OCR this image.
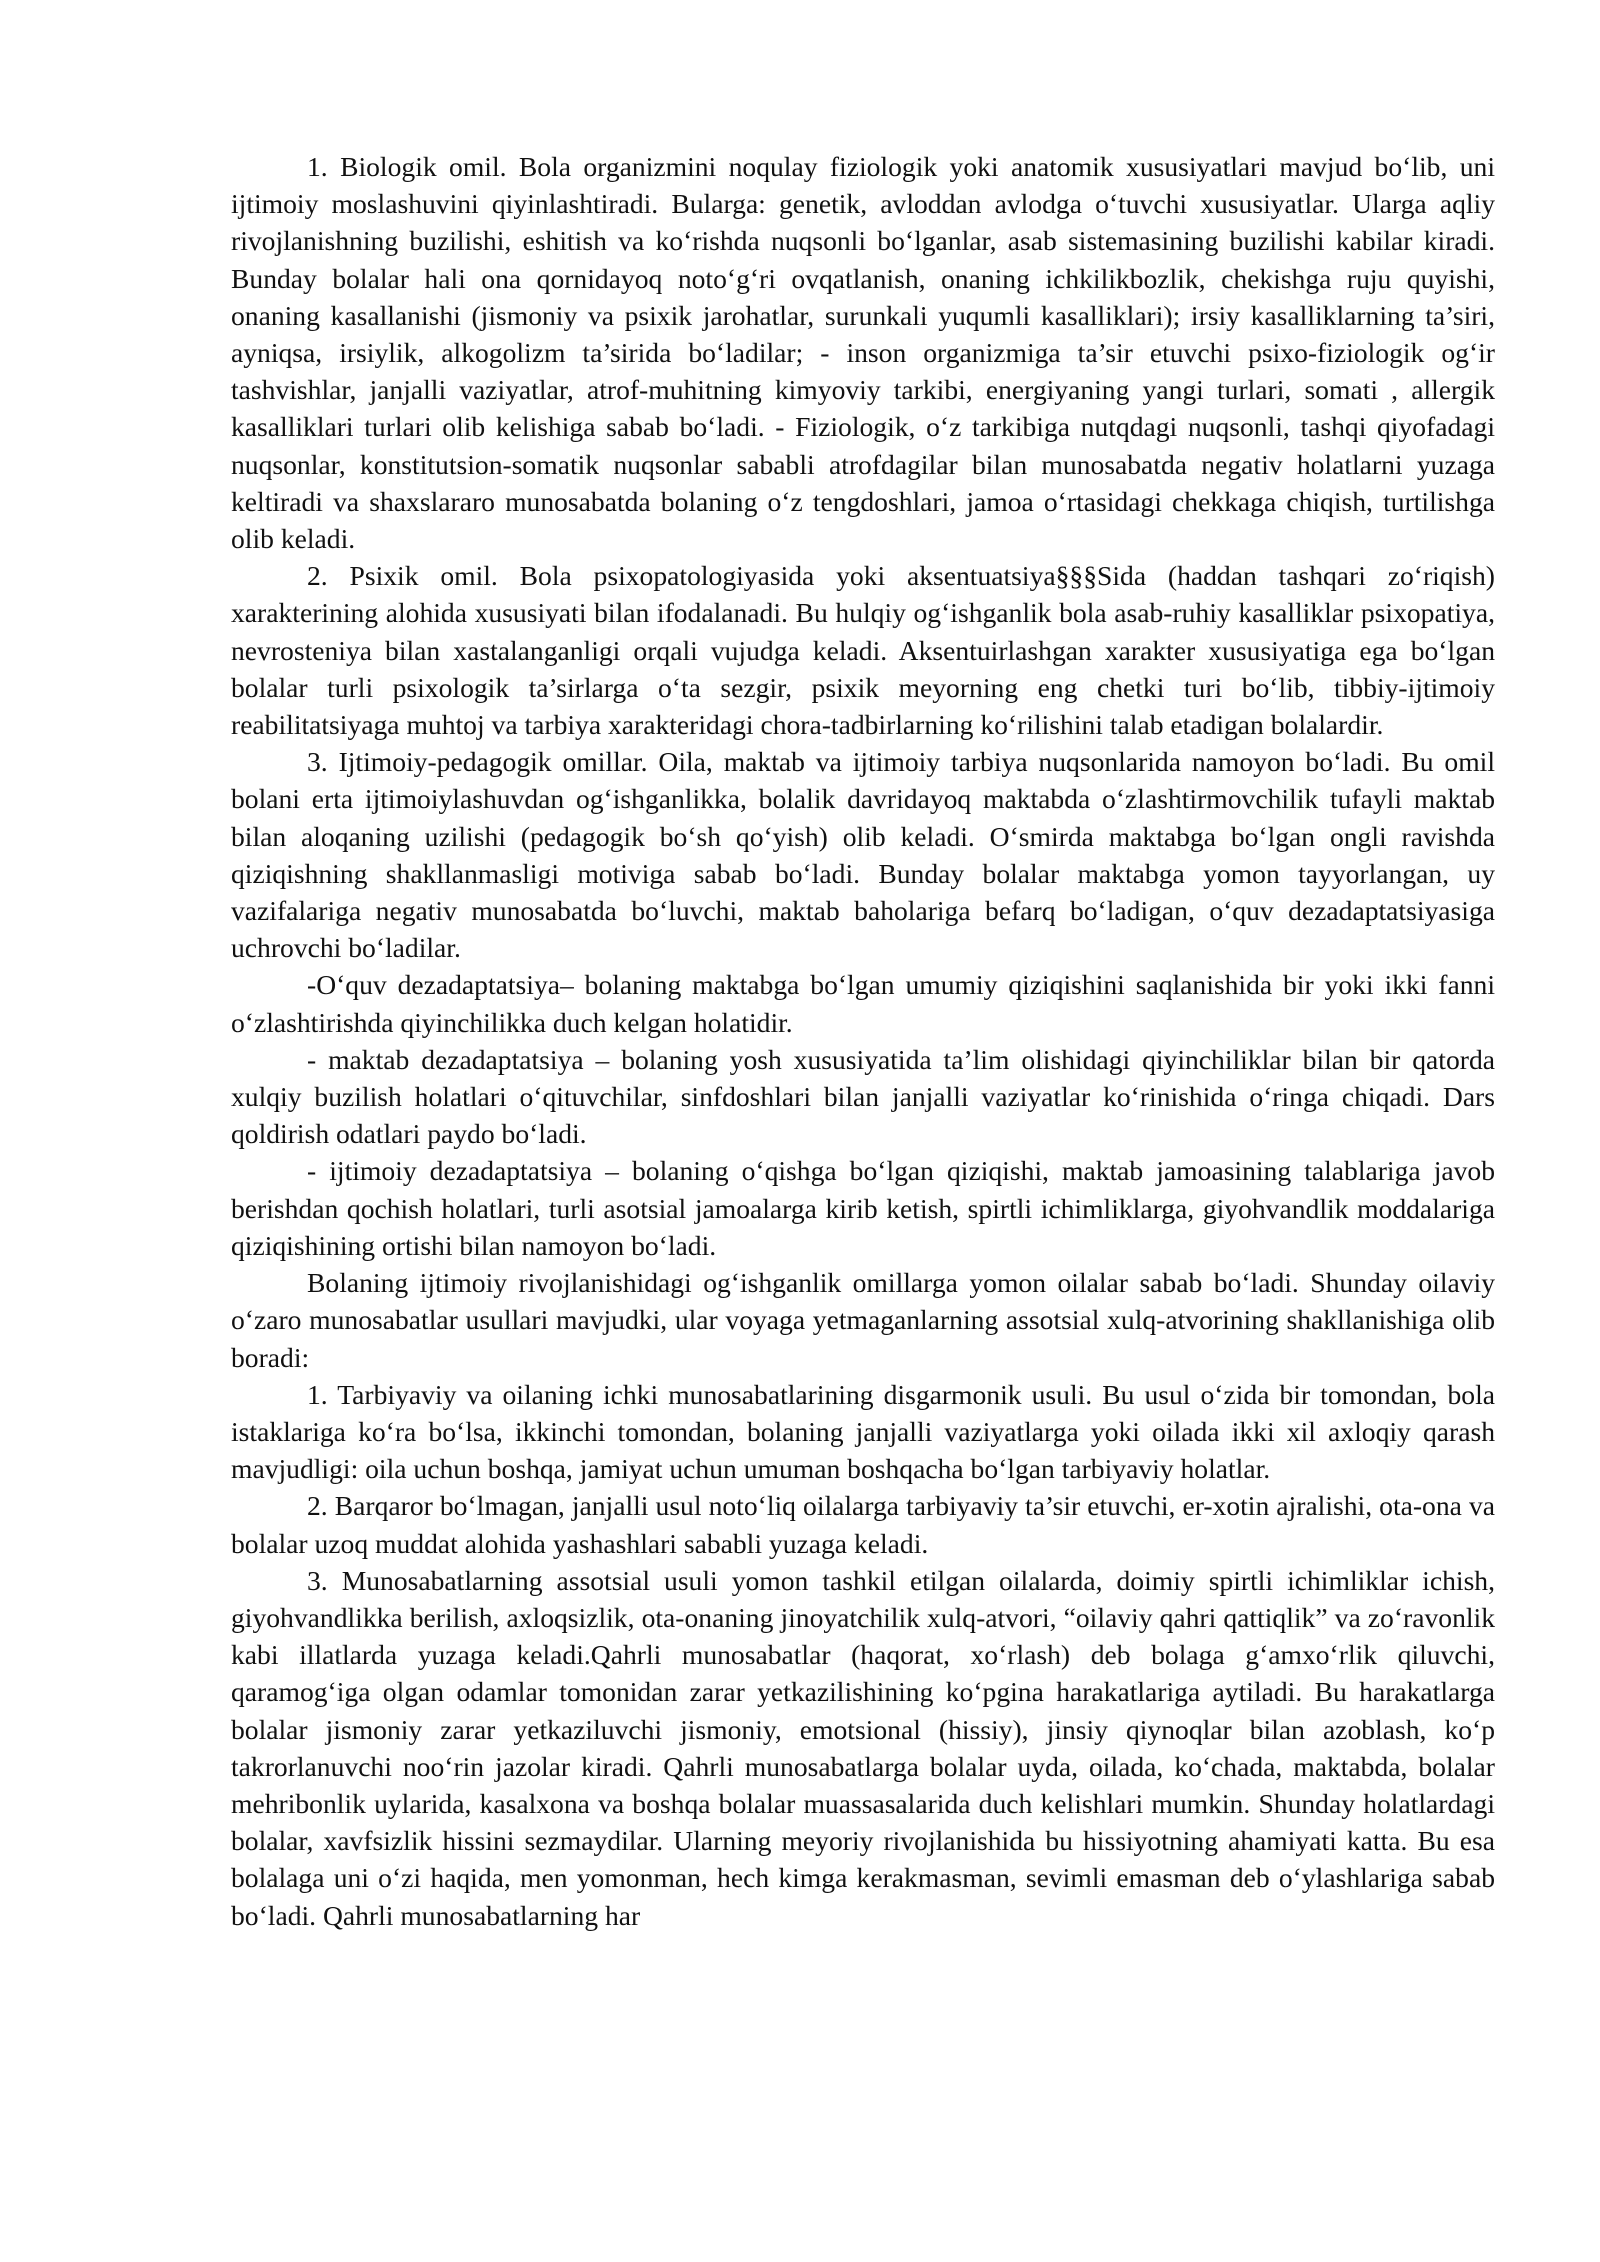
1. Biologik omil. Bola organizmini noqulay fiziologik yoki anatomik xususiyatlari mavjud bo‘lib, uni ijtimoiy moslashuvini qiyinlashtiradi. Bularga: genetik, avloddan avlodga o‘tuvchi xususiyatlar. Ularga aqliy rivojlanishning buzilishi, eshitish va ko‘rishda nuqsonli bo‘lganlar, asab sistemasining buzilishi kabilar kiradi. Bunday bolalar hali ona qornidayoq noto‘g‘ri ovqatlanish, onaning ichkilikbozlik, chekishga ruju quyishi, onaning kasallanishi (jismoniy va psixik jarohatlar, surunkali yuqumli kasalliklari); irsiy kasalliklarning ta’siri, ayniqsa, irsiylik, alkogolizm ta’sirida bo‘ladilar; - inson organizmiga ta’sir etuvchi psixo-fiziologik og‘ir tashvishlar, janjalli vaziyatlar, atrof-muhitning kimyoviy tarkibi, energiyaning yangi turlari, somati , allergik kasalliklari turlari olib kelishiga sabab bo‘ladi. - Fiziologik, o‘z tarkibiga nutqdagi nuqsonli, tashqi qiyofadagi nuqsonlar, konstitutsion-somatik nuqsonlar sababli atrofdagilar bilan munosabatda negativ holatlarni yuzaga keltiradi va shaxslararo munosabatda bolaning o‘z tengdoshlari, jamoa o‘rtasidagi chekkaga chiqish, turtilishga olib keladi.

2. Psixik omil. Bola psixopatologiyasida yoki aksentuatsiya§§§Sida (haddan tashqari zo‘riqish) xarakterining alohida xususiyati bilan ifodalanadi. Bu hulqiy og‘ishganlik bola asab-ruhiy kasalliklar psixopatiya, nevrosteniya bilan xastalanganligi orqali vujudga keladi. Aksentuirlashgan xarakter xususiyatiga ega bo‘lgan bolalar turli psixologik ta’sirlarga o‘ta sezgir, psixik meyorning eng chetki turi bo‘lib, tibbiy-ijtimoiy reabilitatsiyaga muhtoj va tarbiya xarakteridagi chora-tadbirlarning ko‘rilishini talab etadigan bolalardir.

3. Ijtimoiy-pedagogik omillar. Oila, maktab va ijtimoiy tarbiya nuqsonlarida namoyon bo‘ladi. Bu omil bolani erta ijtimoiylashuvdan og‘ishganlikka, bolalik davridayoq maktabda o‘zlashtirmovchilik tufayli maktab bilan aloqaning uzilishi (pedagogik bo‘sh qo‘yish) olib keladi. O‘smirda maktabga bo‘lgan ongli ravishda qiziqishning shakllanmasligi motiviga sabab bo‘ladi. Bunday bolalar maktabga yomon tayyorlangan, uy vazifalariga negativ munosabatda bo‘luvchi, maktab baholariga befarq bo‘ladigan, o‘quv dezadaptatsiyasiga uchrovchi bo‘ladilar.

-O‘quv dezadaptatsiya– bolaning maktabga bo‘lgan umumiy qiziqishini saqlanishida bir yoki ikki fanni o‘zlashtirishda qiyinchilikka duch kelgan holatidir.

- maktab dezadaptatsiya – bolaning yosh xususiyatida ta’lim olishidagi qiyinchiliklar bilan bir qatorda xulqiy buzilish holatlari o‘qituvchilar, sinfdoshlari bilan janjalli vaziyatlar ko‘rinishida o‘ringa chiqadi. Dars qoldirish odatlari paydo bo‘ladi.

- ijtimoiy dezadaptatsiya – bolaning o‘qishga bo‘lgan qiziqishi, maktab jamoasining talablariga javob berishdan qochish holatlari, turli asotsial jamoalarga kirib ketish, spirtli ichimliklarga, giyohvandlik moddalariga qiziqishining ortishi bilan namoyon bo‘ladi.

Bolaning ijtimoiy rivojlanishidagi og‘ishganlik omillarga yomon oilalar sabab bo‘ladi. Shunday oilaviy o‘zaro munosabatlar usullari mavjudki, ular voyaga yetmaganlarning assotsial xulq-atvorining shakllanishiga olib boradi:

1. Tarbiyaviy va oilaning ichki munosabatlarining disgarmonik usuli. Bu usul o‘zida bir tomondan, bola istaklariga ko‘ra bo‘lsa, ikkinchi tomondan, bolaning janjalli vaziyatlarga yoki oilada ikki xil axloqiy qarash mavjudligi: oila uchun boshqa, jamiyat uchun umuman boshqacha bo‘lgan tarbiyaviy holatlar.

2. Barqaror bo‘lmagan, janjalli usul noto‘liq oilalarga tarbiyaviy ta’sir etuvchi, er-xotin ajralishi, ota-ona va bolalar uzoq muddat alohida yashashlari sababli yuzaga keladi.

3. Munosabatlarning assotsial usuli yomon tashkil etilgan oilalarda, doimiy spirtli ichimliklar ichish, giyohvandlikka berilish, axloqsizlik, ota-onaning jinoyatchilik xulq-atvori, “oilaviy qahri qattiqlik” va zo‘ravonlik kabi illatlarda yuzaga keladi.Qahrli munosabatlar (haqorat, xo‘rlash) deb bolaga g‘amxo‘rlik qiluvchi, qaramog‘iga olgan odamlar tomonidan zarar yetkazilishining ko‘pgina harakatlariga aytiladi. Bu harakatlarga bolalar jismoniy zarar yetkaziluvchi jismoniy, emotsional (hissiy), jinsiy qiynoqlar bilan azoblash, ko‘p takrorlanuvchi noo‘rin jazolar kiradi. Qahrli munosabatlarga bolalar uyda, oilada, ko‘chada, maktabda, bolalar mehribonlik uylarida, kasalxona va boshqa bolalar muassasalarida duch kelishlari mumkin. Shunday holatlardagi bolalar, xavfsizlik hissini sezmaydilar. Ularning meyoriy rivojlanishida bu hissiyotning ahamiyati katta. Bu esa bolalaga uni o‘zi haqida, men yomonman, hech kimga kerakmasman, sevimli emasman deb o‘ylashlariga sabab bo‘ladi. Qahrli munosabatlarning har
